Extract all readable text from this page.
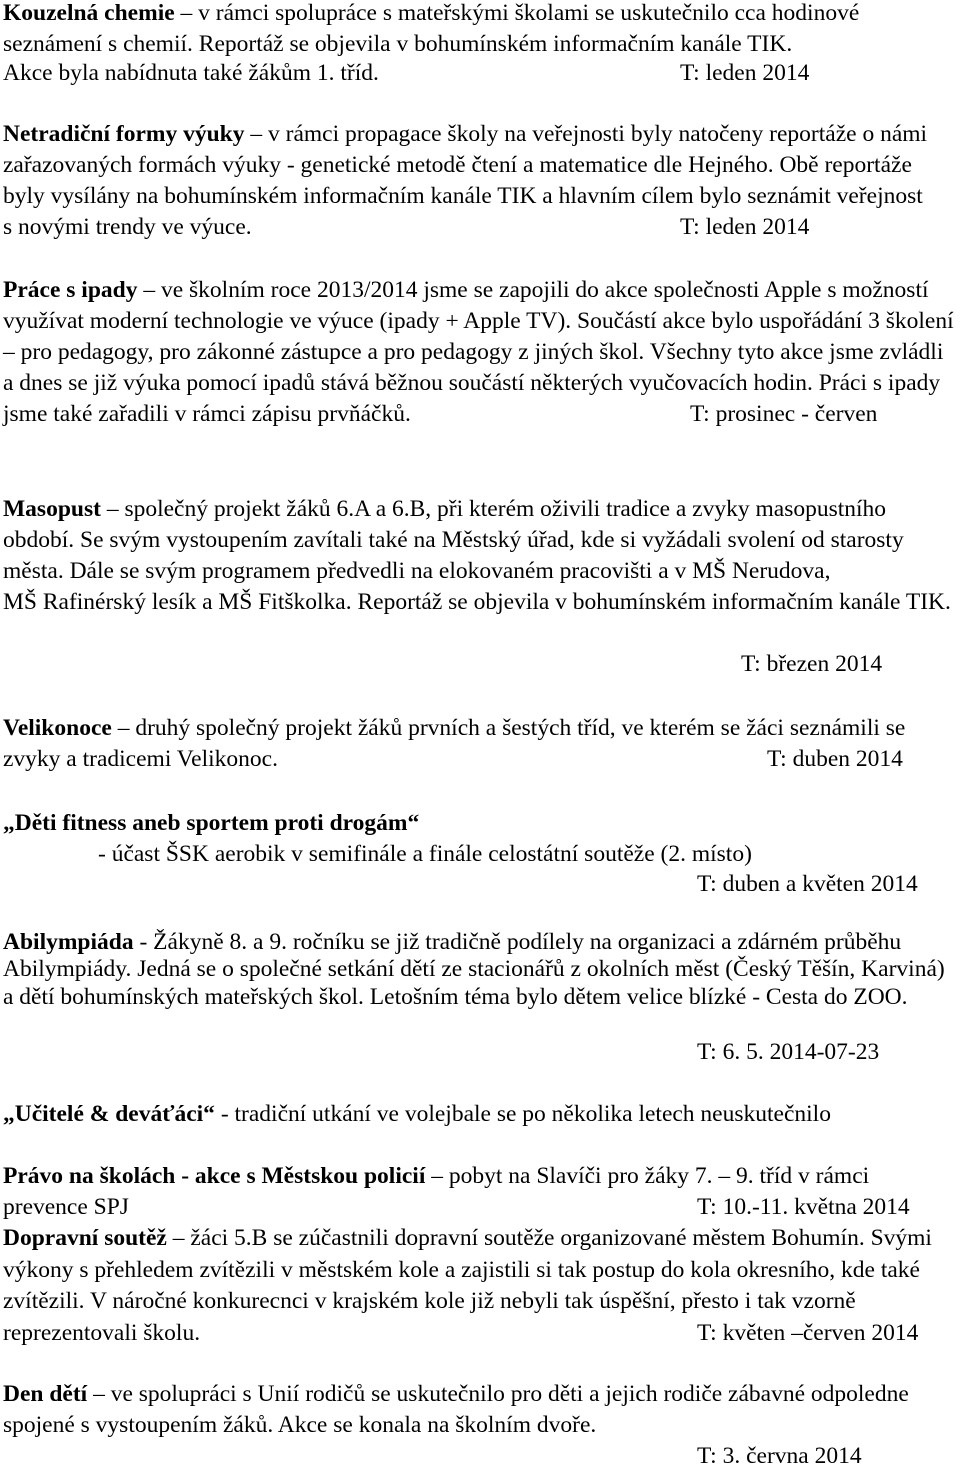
Kouzelná chemie – v rámci spolupráce s mateřskými školami se uskutečnilo cca hodinové
seznámení s chemií. Reportáž se objevila v bohumínském informačním kanále TIK.
Akce byla nabídnuta také žákům 1. tříd.	T: leden 2014
Netradiční formy výuky – v rámci propagace školy na veřejnosti byly natočeny reportáže o námi
zařazovaných formách výuky - genetické metodě čtení a matematice dle Hejného. Obě reportáže
byly vysílány na bohumínském informačním kanále TIK a hlavním cílem bylo seznámit veřejnost
s novými trendy ve výuce.	T: leden 2014
Práce s ipady – ve školním roce 2013/2014 jsme se zapojili do akce společnosti Apple s možností
využívat moderní technologie ve výuce (ipady + Apple TV). Součástí akce bylo uspořádání 3 školení
– pro pedagogy, pro zákonné zástupce a pro pedagogy z jiných škol. Všechny tyto akce jsme zvládli
a dnes se již výuka pomocí ipadů stává běžnou součástí některých vyučovacích hodin. Práci s ipady
jsme také zařadili v rámci zápisu prvňáčků.	T: prosinec - červen
Masopust – společný projekt žáků 6.A a 6.B, při kterém oživili tradice a zvyky masopustního
období. Se svým vystoupením zavítali také na Městský úřad, kde si vyžádali svolení od starosty
města. Dále se svým programem předvedli na elokovaném pracovišti a v MŠ Nerudova,
MŠ Rafinérský lesík a MŠ Fitškolka. Reportáž se objevila v bohumínském informačním kanále TIK.
T: březen 2014
Velikonoce – druhý společný projekt žáků prvních a šestých tříd, ve kterém se žáci seznámili se
zvyky a tradicemi Velikonoc.	T: duben 2014
„Děti fitness aneb sportem proti drogám“
- účast ŠSK aerobik v semifinále a finále celostátní soutěže (2. místo)
T: duben a květen 2014
Abilympiáda - Žákyně 8. a 9. ročníku se již tradičně podílely na organizaci a zdárném průběhu
Abilympiády. Jedná se o společné setkání dětí ze stacionářů z okolních měst (Český Těšín, Karviná)
a dětí bohumínských mateřských škol. Letošním téma bylo dětem velice blízké - Cesta do ZOO.
T: 6. 5. 2014-07-23
„Učitelé & deváťáci“ - tradiční utkání ve volejbale se po několika letech neuskutečnilo
Právo na školách - akce s Městskou policií – pobyt na Slavíči pro žáky 7. – 9. tříd v rámci
prevence SPJ	T: 10.-11. května 2014
Dopravní soutěž – žáci 5.B se zúčastnili dopravní soutěže organizované městem Bohumín. Svými
výkony s přehledem zvítězili v městském kole a zajistili si tak postup do kola okresního, kde také
zvítězili. V náročné konkurecnci v krajském kole již nebyli tak úspěšní, přesto i tak vzorně
reprezentovali školu.	T: květen –červen 2014
Den dětí – ve spolupráci s Unií rodičů se uskutečnilo pro děti a jejich rodiče zábavné odpoledne
spojené s vystoupením žáků. Akce se konala na školním dvoře.
T: 3. června 2014
